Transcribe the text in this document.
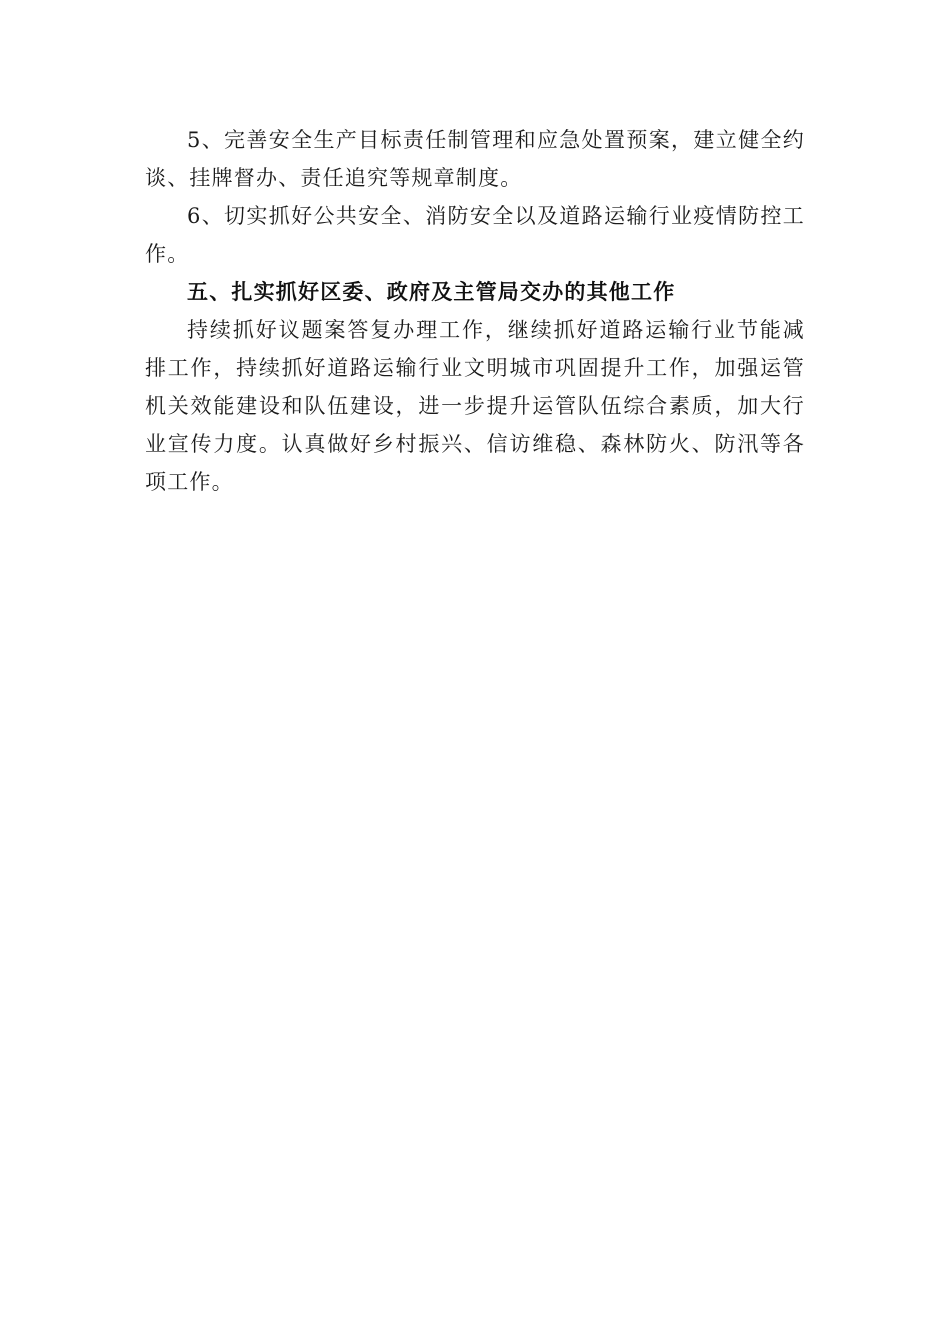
5、完善安全生产目标责任制管理和应急处置预案，建立健全约谈、挂牌督办、责任追究等规章制度。

6、切实抓好公共安全、消防安全以及道路运输行业疫情防控工作。

五、扎实抓好区委、政府及主管局交办的其他工作

持续抓好议题案答复办理工作，继续抓好道路运输行业节能减排工作，持续抓好道路运输行业文明城市巩固提升工作，加强运管机关效能建设和队伍建设，进一步提升运管队伍综合素质，加大行业宣传力度。认真做好乡村振兴、信访维稳、森林防火、防汛等各项工作。
